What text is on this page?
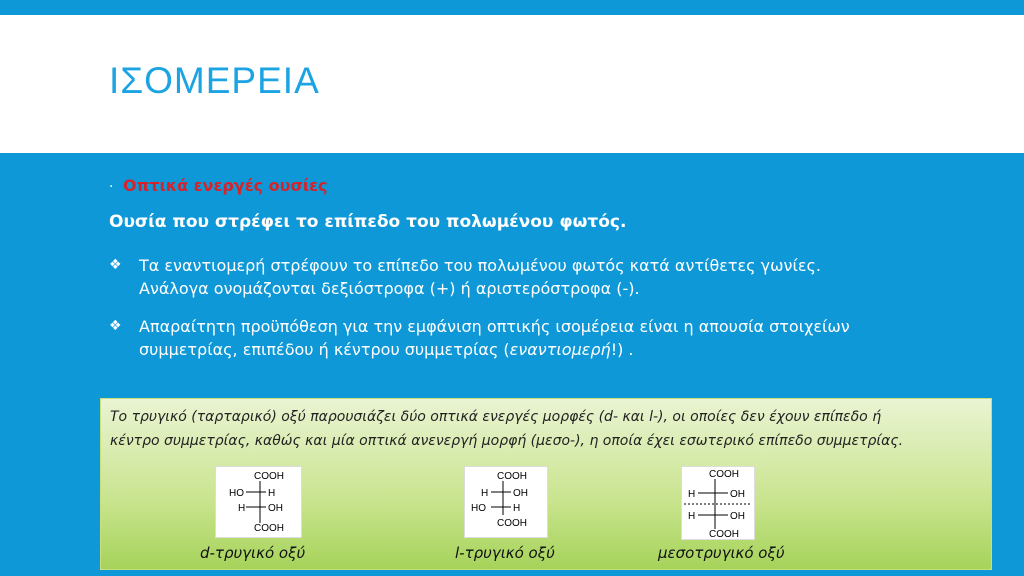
ΙΣΟΜΕΡΕΙΑ
· Οπτικά ενεργές ουσίες
Ουσία που στρέφει το επίπεδο του πολωμένου φωτός.
❖	Τα εναντιομερή στρέφουν το επίπεδο του πολωμένου φωτός κατά αντίθετες γωνίες.
Ανάλογα ονομάζονται δεξιόστροφα (+) ή αριστερόστροφα (-).
❖	Απαραίτητη προϋπόθεση για την εμφάνιση οπτικής ισομέρεια είναι η απουσία στοιχείων
συμμετρίας, επιπέδου ή κέντρου συμμετρίας (εναντιομερή!) .
Το τρυγικό (ταρταρικό) οξύ παρουσιάζει δύο οπτικά ενεργές μορφές (d- και l-), οι οποίες δεν έχουν επίπεδο ή
κέντρο συμμετρίας, καθώς και μία οπτικά ανενεργή μορφή (μεσο-), η οποία έχει εσωτερικό επίπεδο συμμετρίας.
COOH
HO H
H OH
COOH
COOH
H OH
HO	H
COOH
COOH
H	OH
H	OH
COOH
d-τρυγικό οξύ	l-τρυγικό οξύ	μεσοτρυγικό οξύ
